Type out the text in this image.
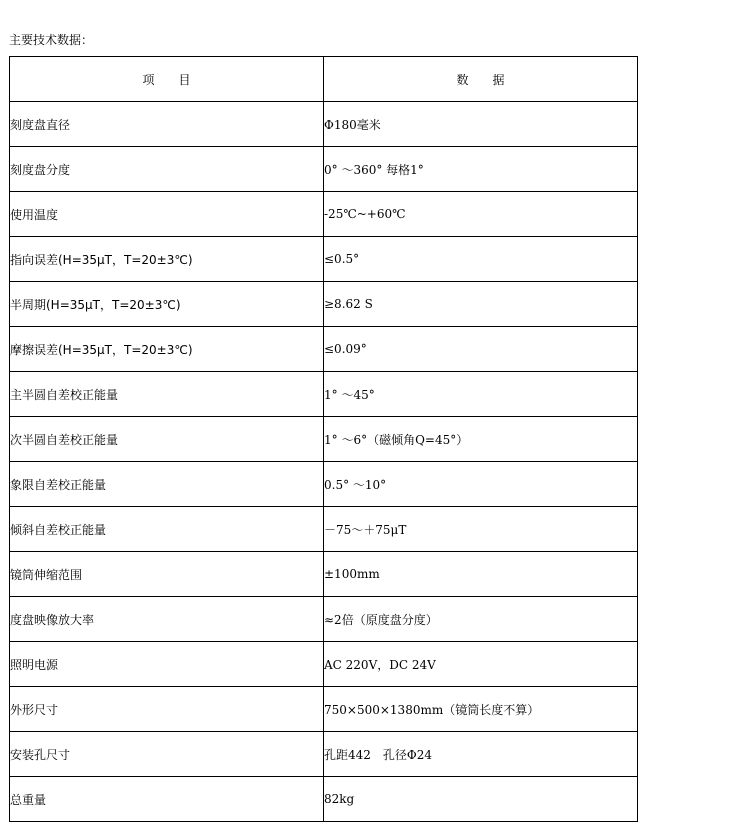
主要技术数据：
项　　目	数　　据
刻度盘直径	Φ180毫米
刻度盘分度	0° ～360° 每格1°
使用温度	-25℃~+60℃
指向误差(H=35μT，T=20±3℃)	≤0.5°
半周期(H=35μT，T=20±3℃)	≥8.62 S
摩擦误差(H=35μT，T=20±3℃)	≤0.09°
主半圆自差校正能量	1° ～45°
次半圆自差校正能量	1° ～6°（磁倾角Q=45°）
象限自差校正能量	0.5° ～10°
倾斜自差校正能量	－75～＋75μT
镜筒伸缩范围	±100mm
度盘映像放大率	≈2倍（原度盘分度）
照明电源	AC 220V，DC 24V
外形尺寸	750×500×1380mm（镜筒长度不算）
安装孔尺寸	孔距442　孔径Φ24
总重量	82kg
